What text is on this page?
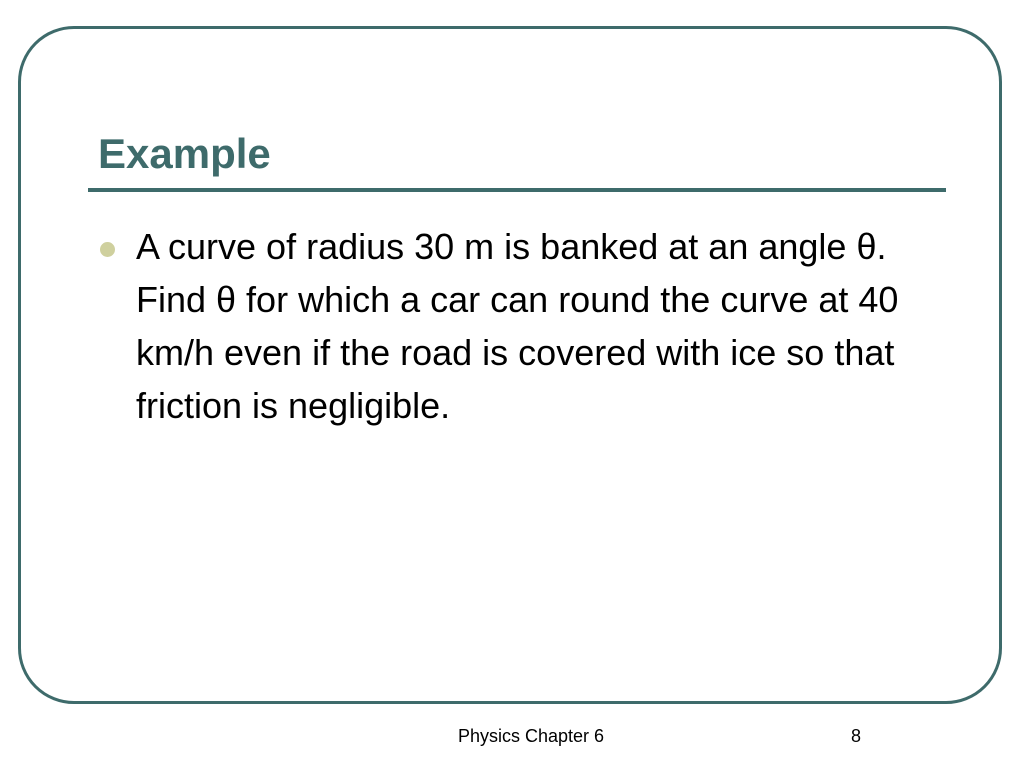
Example
A curve of radius 30 m is banked at an angle θ. Find θ for which a car can round the curve at 40 km/h even if the road is covered with ice so that friction is negligible.
Physics Chapter 6	8
